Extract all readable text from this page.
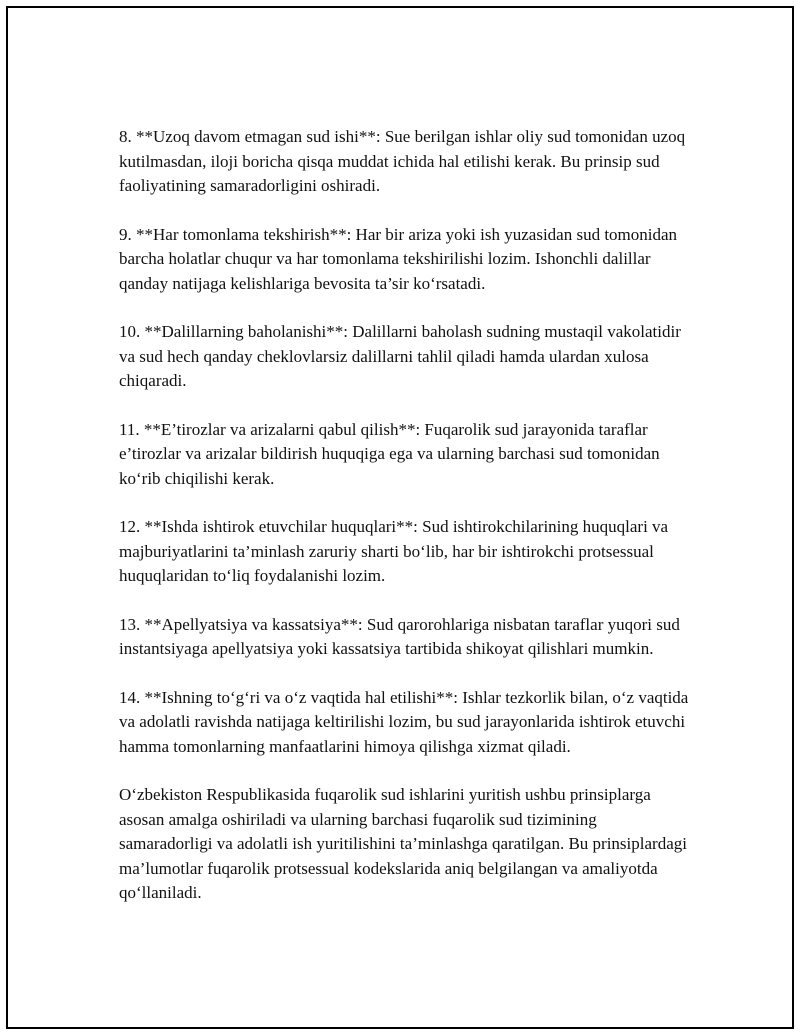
8. **Uzoq davom etmagan sud ishi**: Sue berilgan ishlar oliy sud tomonidan uzoq kutilmasdan, iloji boricha qisqa muddat ichida hal etilishi kerak. Bu prinsip sud faoliyatining samaradorligini oshiradi.

9. **Har tomonlama tekshirish**: Har bir ariza yoki ish yuzasidan sud tomonidan barcha holatlar chuqur va har tomonlama tekshirilishi lozim. Ishonchli dalillar qanday natijaga kelishlariga bevosita ta’sir ko‘rsatadi.

10. **Dalillarning baholanishi**: Dalillarni baholash sudning mustaqil vakolatidir va sud hech qanday cheklovlarsiz dalillarni tahlil qiladi hamda ulardan xulosa chiqaradi.

11. **E’tirozlar va arizalarni qabul qilish**: Fuqarolik sud jarayonida taraflar e’tirozlar va arizalar bildirish huquqiga ega va ularning barchasi sud tomonidan ko‘rib chiqilishi kerak.

12. **Ishda ishtirok etuvchilar huquqlari**: Sud ishtirokchilarining huquqlari va majburiyatlarini ta’minlash zaruriy sharti bo‘lib, har bir ishtirokchi protsessual huquqlaridan to‘liq foydalanishi lozim.

13. **Apellyatsiya va kassatsiya**: Sud qarorohlariga nisbatan taraflar yuqori sud instantsiyaga apellyatsiya yoki kassatsiya tartibida shikoyat qilishlari mumkin.

14. **Ishning to‘g‘ri va o‘z vaqtida hal etilishi**: Ishlar tezkorlik bilan, o‘z vaqtida va adolatli ravishda natijaga keltirilishi lozim, bu sud jarayonlarida ishtirok etuvchi hamma tomonlarning manfaatlarini himoya qilishga xizmat qiladi.

O‘zbekiston Respublikasida fuqarolik sud ishlarini yuritish ushbu prinsiplarga asosan amalga oshiriladi va ularning barchasi fuqarolik sud tizimining samaradorligi va adolatli ish yuritilishini ta’minlashga qaratilgan. Bu prinsiplardagi ma’lumotlar fuqarolik protsessual kodekslarida aniq belgilangan va amaliyotda qo‘llaniladi.
